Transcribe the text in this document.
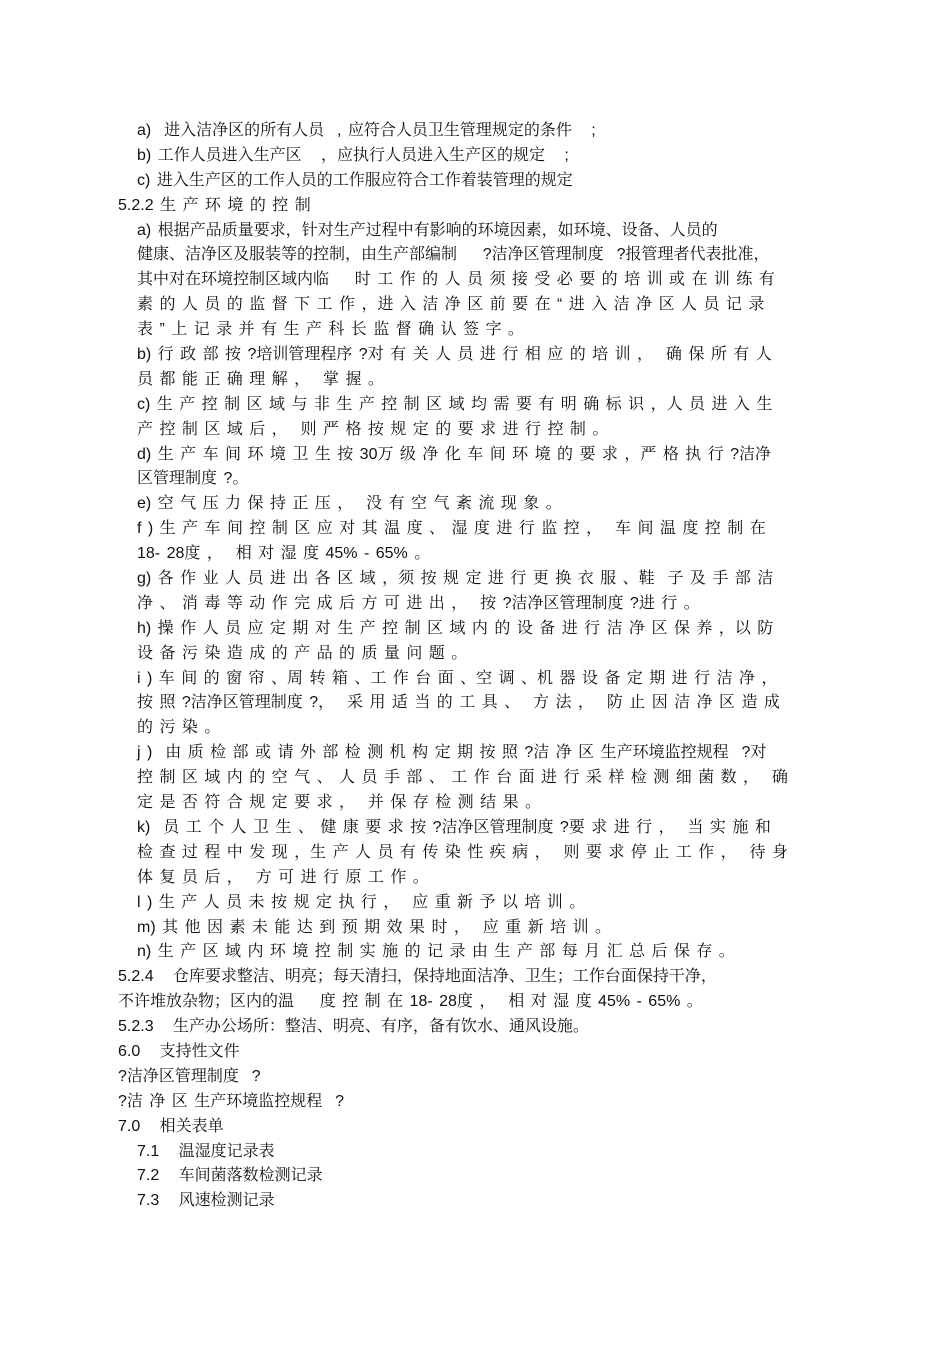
a)  进入洁净区的所有人员  , 应符合人员卫生管理规定的条件   ;
b) 工作人员进入生产区   ，应执行人员进入生产区的规定   ;
c) 进入生产区的工作人员的工作服应符合工作着装管理的规定
5.2.2 生 产 环 境 的 控 制
a) 根据产品质量要求，针对生产过程中有影响的环境因素，如环境、设备、人员的
健康、洁净区及服装等的控制，由生产部编制    ?洁净区管理制度  ?报管理者代表批准，
其中对在环境控制区域内临    时 工 作 的 人 员 须 接 受 必 要 的 培 训 或 在 训 练 有
素 的 人 员 的 监 督 下 工 作 ，进 入 洁 净 区 前 要 在 “ 进 入 洁 净 区 人 员 记 录
表 ” 上 记 录 并 有 生 产 科 长 监 督 确 认 签 字 。
b) 行 政 部 按 ?培训管理程序 ?对 有 关 人 员 进 行 相 应 的 培 训 ，  确 保 所 有 人
员 都 能 正 确 理 解 ，  掌 握 。
c) 生 产 控 制 区 域 与 非 生 产 控 制 区 域 均 需 要 有 明 确 标 识 ，人 员 进 入 生
产 控 制 区 域 后 ，  则 严 格 按 规 定 的 要 求 进 行 控 制 。
d) 生 产 车 间 环 境 卫 生 按 30万 级 净 化 车 间 环 境 的 要 求 ，严 格 执 行 ?洁净
区管理制度 ?。
e) 空 气 压 力 保 持 正 压 ，  没 有 空 气 紊 流 现 象 。
f ) 生 产 车 间 控 制 区 应 对 其 温 度 、 湿 度 进 行 监 控 ，  车 间 温 度 控 制 在
18- 28度 ，  相 对 湿 度 45% - 65% 。
g) 各 作 业 人 员 进 出 各 区 域 ，须 按 规 定 进 行 更 换 衣 服 、鞋  子 及 手 部 洁
净 、 消 毒 等 动 作 完 成 后 方 可 进 出 ，  按 ?洁净区管理制度 ?进 行 。
h) 操 作 人 员 应 定 期 对 生 产 控 制 区 域 内 的 设 备 进 行 洁 净 区 保 养 ，以 防
设 备 污 染 造 成 的 产 品 的 质 量 问 题 。
i ) 车 间 的 窗 帘 、周 转 箱 、工 作 台 面 、空 调 、机 器 设 备 定 期 进 行 洁 净 ，
按 照 ?洁净区管理制度 ?，  采 用 适 当 的 工 具 、  方 法 ，  防 止 因 洁 净 区 造 成
的 污 染 。
j )  由 质 检 部 或 请 外 部 检 测 机 构 定 期 按 照 ?洁 净 区 生产环境监控规程  ?对
控 制 区 域 内 的 空 气 、 人 员 手 部 、 工 作 台 面 进 行 采 样 检 测 细 菌 数 ，  确
定 是 否 符 合 规 定 要 求 ，  并 保 存 检 测 结 果 。
k)  员 工 个 人 卫 生 、 健 康 要 求 按 ?洁净区管理制度 ?要 求 进 行 ，  当 实 施 和
检 查 过 程 中 发 现 ，生 产 人 员 有 传 染 性 疾 病 ，  则 要 求 停 止 工 作 ，  待 身
体 复 员 后 ，  方 可 进 行 原 工 作 。
l ) 生 产 人 员 未 按 规 定 执 行 ，  应 重 新 予 以 培 训 。
m) 其 他 因 素 未 能 达 到 预 期 效 果 时 ，  应 重 新 培 训 。
n) 生 产 区 域 内 环 境 控 制 实 施 的 记 录 由 生 产 部 每 月 汇 总 后 保 存 。
5.2.4   仓库要求整洁、明亮；每天清扫，保持地面洁净、卫生；工作台面保持干净，
不许堆放杂物；区内的温    度 控 制 在 18- 28度 ，  相 对 湿 度 45% - 65% 。
5.2.3   生产办公场所：整洁、明亮、有序，备有饮水、通风设施。
6.0   支持性文件
?洁净区管理制度  ?
?洁 净 区 生产环境监控规程  ?
7.0   相关表单
7.1   温湿度记录表
7.2   车间菌落数检测记录
7.3   风速检测记录
